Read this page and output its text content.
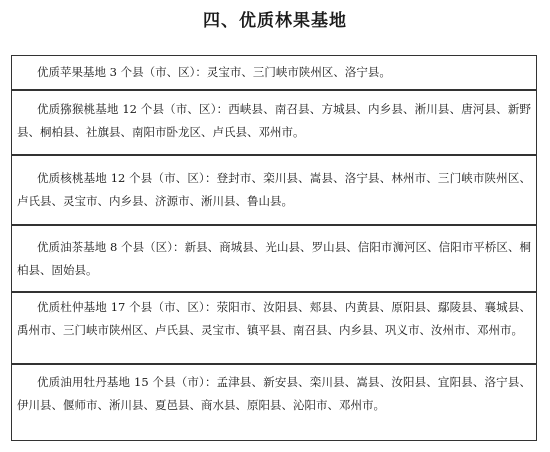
四、优质林果基地
优质苹果基地 3 个县（市、区）：灵宝市、三门峡市陕州区、洛宁县。
优质猕猴桃基地 12 个县（市、区）：西峡县、南召县、方城县、内乡县、淅川县、唐河县、新野县、桐柏县、社旗县、南阳市卧龙区、卢氏县、邓州市。
优质核桃基地 12 个县（市、区）：登封市、栾川县、嵩县、洛宁县、林州市、三门峡市陕州区、卢氏县、灵宝市、内乡县、济源市、淅川县、鲁山县。
优质油茶基地 8 个县（区）：新县、商城县、光山县、罗山县、信阳市浉河区、信阳市平桥区、桐柏县、固始县。
优质杜仲基地 17 个县（市、区）：荥阳市、汝阳县、郏县、内黄县、原阳县、鄢陵县、襄城县、禹州市、三门峡市陕州区、卢氏县、灵宝市、镇平县、南召县、内乡县、巩义市、汝州市、邓州市。
优质油用牡丹基地 15 个县（市）：孟津县、新安县、栾川县、嵩县、汝阳县、宜阳县、洛宁县、伊川县、偃师市、淅川县、夏邑县、商水县、原阳县、沁阳市、邓州市。
